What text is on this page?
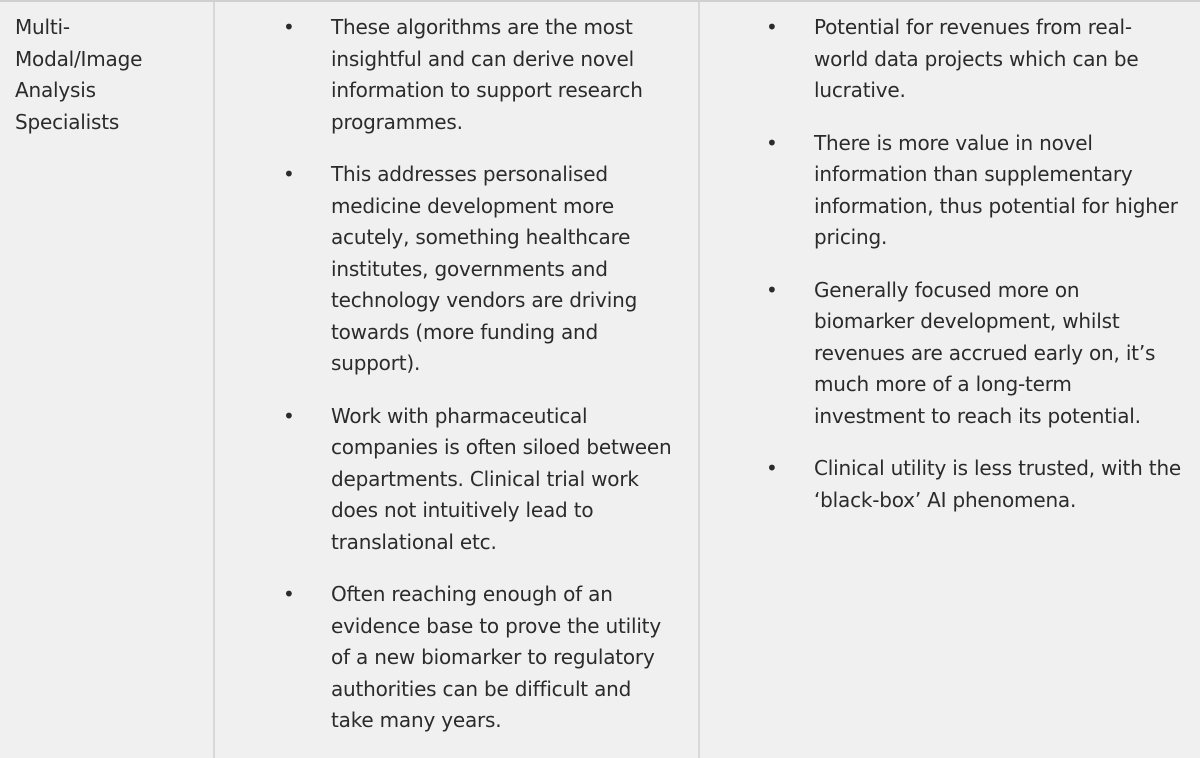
Multi-
Modal/Image
Analysis
Specialists
• These algorithms are the most insightful and can derive novel information to support research programmes.
• This addresses personalised medicine development more acutely, something healthcare institutes, governments and technology vendors are driving towards (more funding and support).
• Work with pharmaceutical companies is often siloed between departments. Clinical trial work does not intuitively lead to translational etc.
• Often reaching enough of an evidence base to prove the utility of a new biomarker to regulatory authorities can be difficult and take many years.
• Potential for revenues from real-world data projects which can be lucrative.
• There is more value in novel information than supplementary information, thus potential for higher pricing.
• Generally focused more on biomarker development, whilst revenues are accrued early on, it’s much more of a long-term investment to reach its potential.
• Clinical utility is less trusted, with the ‘black-box’ AI phenomena.
